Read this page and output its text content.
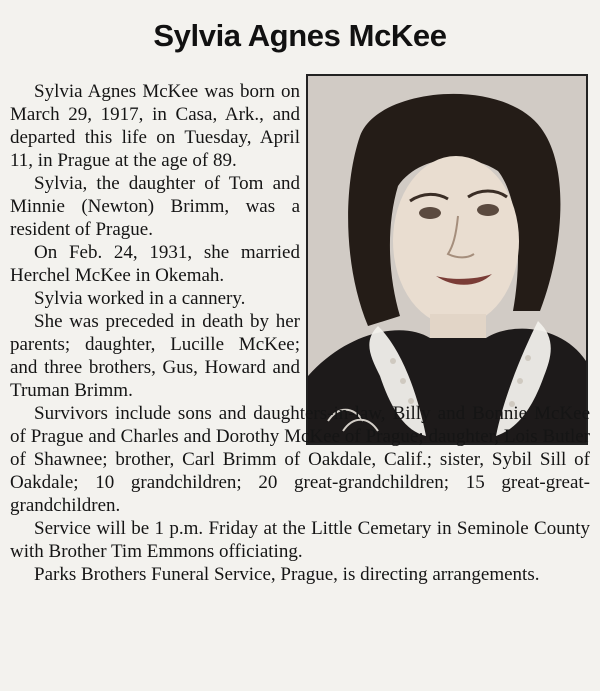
Sylvia Agnes McKee

Sylvia Agnes McKee was born on March 29, 1917, in Casa, Ark., and departed this life on Tuesday, April 11, in Prague at the age of 89.

Sylvia, the daughter of Tom and Minnie (Newton) Brimm, was a resident of Prague.

On Feb. 24, 1931, she married Herchel McKee in Okemah.

Sylvia worked in a cannery.

She was preceded in death by her parents; daughter, Lucille McKee; and three brothers, Gus, Howard and Truman Brimm.

Survivors include sons and daughters-in-law, Billy and Bonnie McKee of Prague and Charles and Dorothy McKee of Prague; daughter, Lois Butler of Shawnee; brother, Carl Brimm of Oakdale, Calif.; sister, Sybil Sill of Oakdale; 10 grandchildren; 20 great-grandchildren; 15 great-great-grandchildren.

Service will be 1 p.m. Friday at the Little Cemetary in Seminole County with Brother Tim Emmons officiating.

Parks Brothers Funeral Service, Prague, is directing arrangements.
